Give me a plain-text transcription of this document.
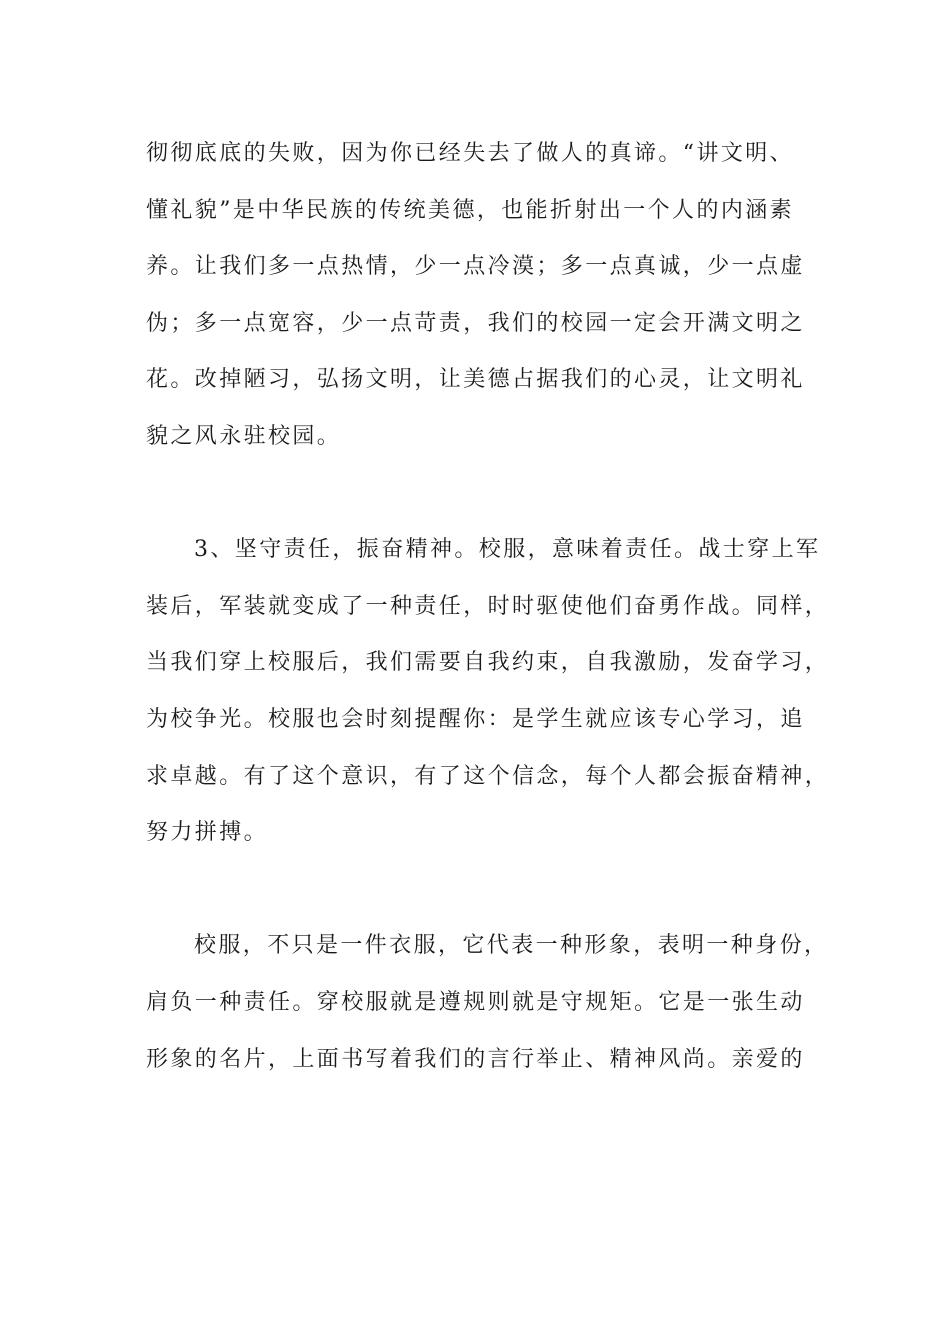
彻彻底底的失败，因为你已经失去了做人的真谛。“讲文明、
懂礼貌”是中华民族的传统美德，也能折射出一个人的内涵素
养。让我们多一点热情，少一点冷漠；多一点真诚，少一点虚
伪；多一点宽容，少一点苛责，我们的校园一定会开满文明之
花。改掉陋习，弘扬文明，让美德占据我们的心灵，让文明礼
貌之风永驻校园。
3、坚守责任，振奋精神。校服，意味着责任。战士穿上军
装后，军装就变成了一种责任，时时驱使他们奋勇作战。同样，
当我们穿上校服后，我们需要自我约束，自我激励，发奋学习，
为校争光。校服也会时刻提醒你：是学生就应该专心学习，追
求卓越。有了这个意识，有了这个信念，每个人都会振奋精神，
努力拼搏。
校服，不只是一件衣服，它代表一种形象，表明一种身份，
肩负一种责任。穿校服就是遵规则就是守规矩。它是一张生动
形象的名片，上面书写着我们的言行举止、精神风尚。亲爱的
